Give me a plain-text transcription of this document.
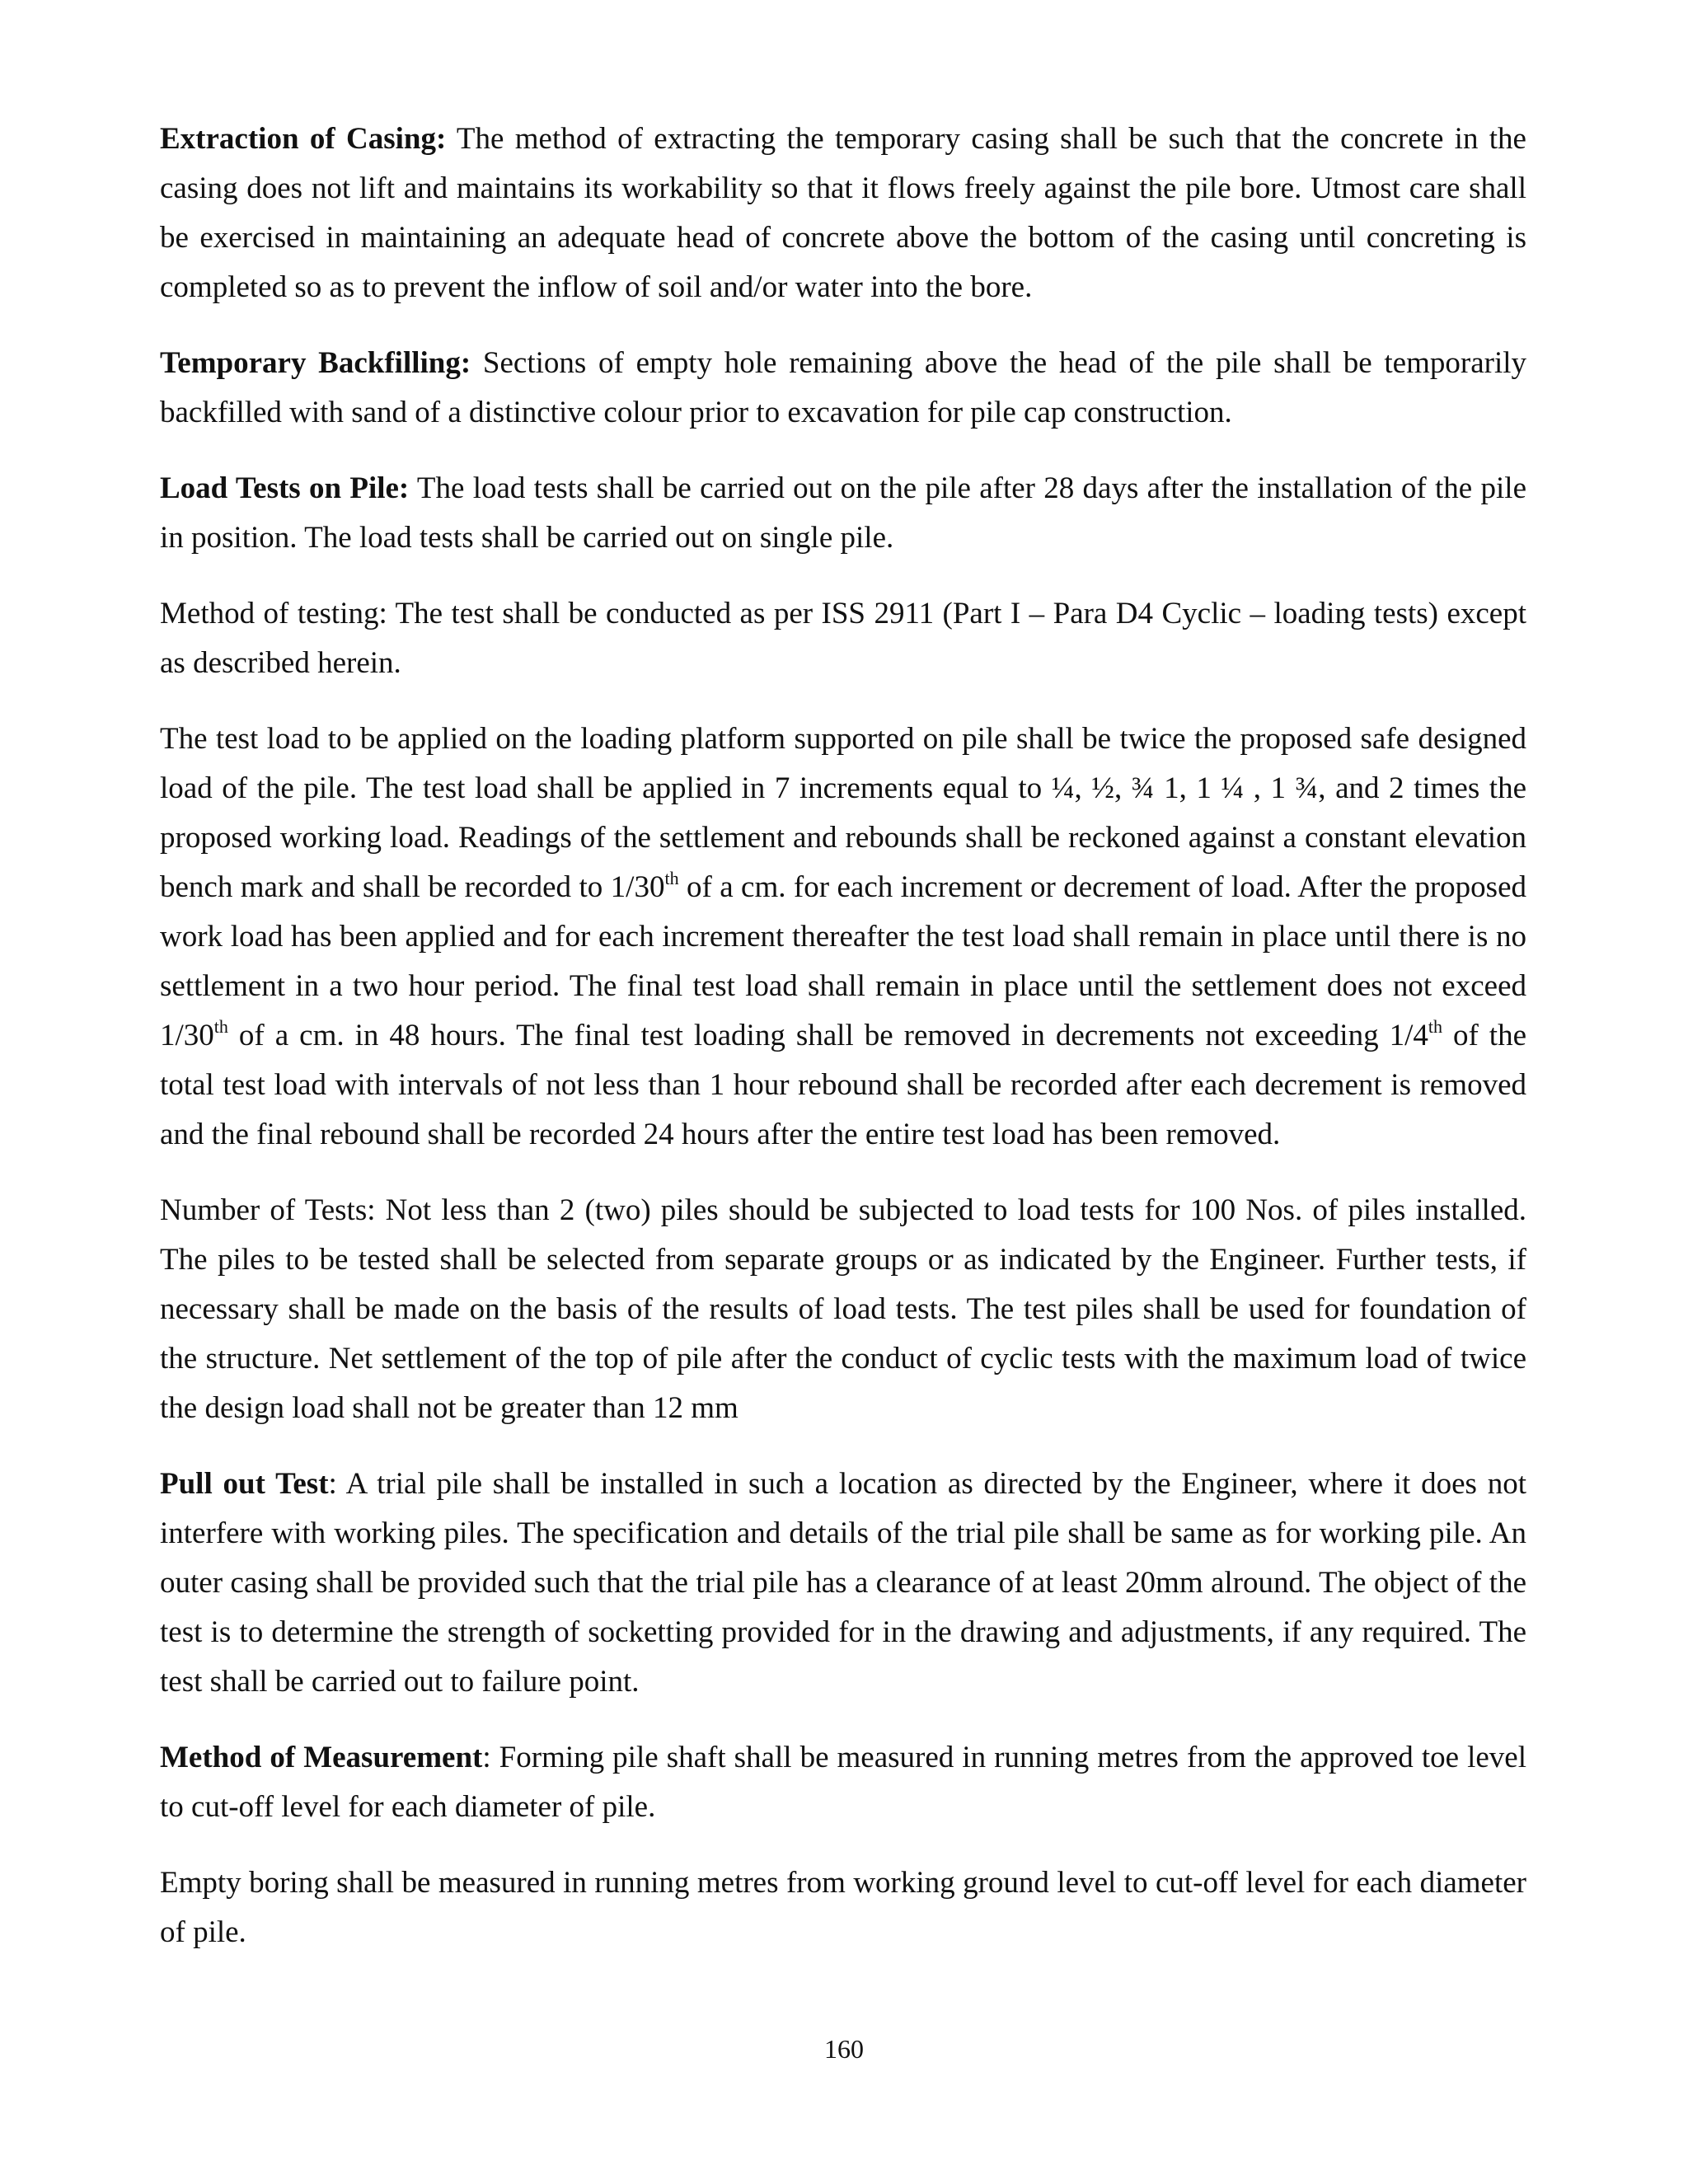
Extraction of Casing: The method of extracting the temporary casing shall be such that the concrete in the casing does not lift and maintains its workability so that it flows freely against the pile bore. Utmost care shall be exercised in maintaining an adequate head of concrete above the bottom of the casing until concreting is completed so as to prevent the inflow of soil and/or water into the bore.

Temporary Backfilling: Sections of empty hole remaining above the head of the pile shall be temporarily backfilled with sand of a distinctive colour prior to excavation for pile cap construction.

Load Tests on Pile: The load tests shall be carried out on the pile after 28 days after the installation of the pile in position. The load tests shall be carried out on single pile.

Method of testing: The test shall be conducted as per ISS 2911 (Part I – Para D4 Cyclic – loading tests) except as described herein.

The test load to be applied on the loading platform supported on pile shall be twice the proposed safe designed load of the pile. The test load shall be applied in 7 increments equal to ¼, ½, ¾ 1, 1 ¼ , 1 ¾, and 2 times the proposed working load. Readings of the settlement and rebounds shall be reckoned against a constant elevation bench mark and shall be recorded to 1/30th of a cm. for each increment or decrement of load. After the proposed work load has been applied and for each increment thereafter the test load shall remain in place until there is no settlement in a two hour period. The final test load shall remain in place until the settlement does not exceed 1/30th of a cm. in 48 hours. The final test loading shall be removed in decrements not exceeding 1/4th of the total test load with intervals of not less than 1 hour rebound shall be recorded after each decrement is removed and the final rebound shall be recorded 24 hours after the entire test load has been removed.

Number of Tests: Not less than 2 (two) piles should be subjected to load tests for 100 Nos. of piles installed. The piles to be tested shall be selected from separate groups or as indicated by the Engineer. Further tests, if necessary shall be made on the basis of the results of load tests. The test piles shall be used for foundation of the structure. Net settlement of the top of pile after the conduct of cyclic tests with the maximum load of twice the design load shall not be greater than 12 mm

Pull out Test: A trial pile shall be installed in such a location as directed by the Engineer, where it does not interfere with working piles. The specification and details of the trial pile shall be same as for working pile. An outer casing shall be provided such that the trial pile has a clearance of at least 20mm alround. The object of the test is to determine the strength of socketting provided for in the drawing and adjustments, if any required. The test shall be carried out to failure point.

Method of Measurement: Forming pile shaft shall be measured in running metres from the approved toe level to cut-off level for each diameter of pile.

Empty boring shall be measured in running metres from working ground level to cut-off level for each diameter of pile.

160
